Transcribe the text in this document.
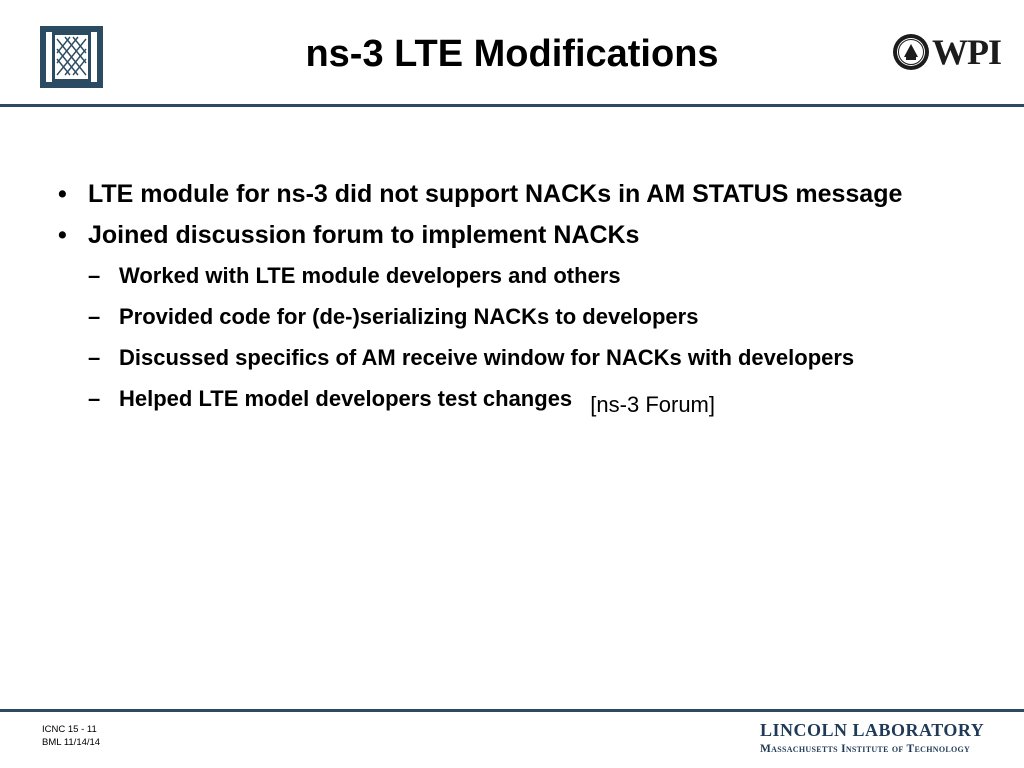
ns-3 LTE Modifications	WPI
• LTE module for ns-3 did not support NACKs in AM STATUS message
• Joined discussion forum to implement NACKs
– Worked with LTE module developers and others
– Provided code for (de-)serializing NACKs to developers
– Discussed specifics of AM receive window for NACKs with developers
– Helped LTE model developers test changes [ns-3 Forum]
ICNC 15 - 11
BML 11/14/14
LINCOLN LABORATORY
Massachusetts Institute of Technology
